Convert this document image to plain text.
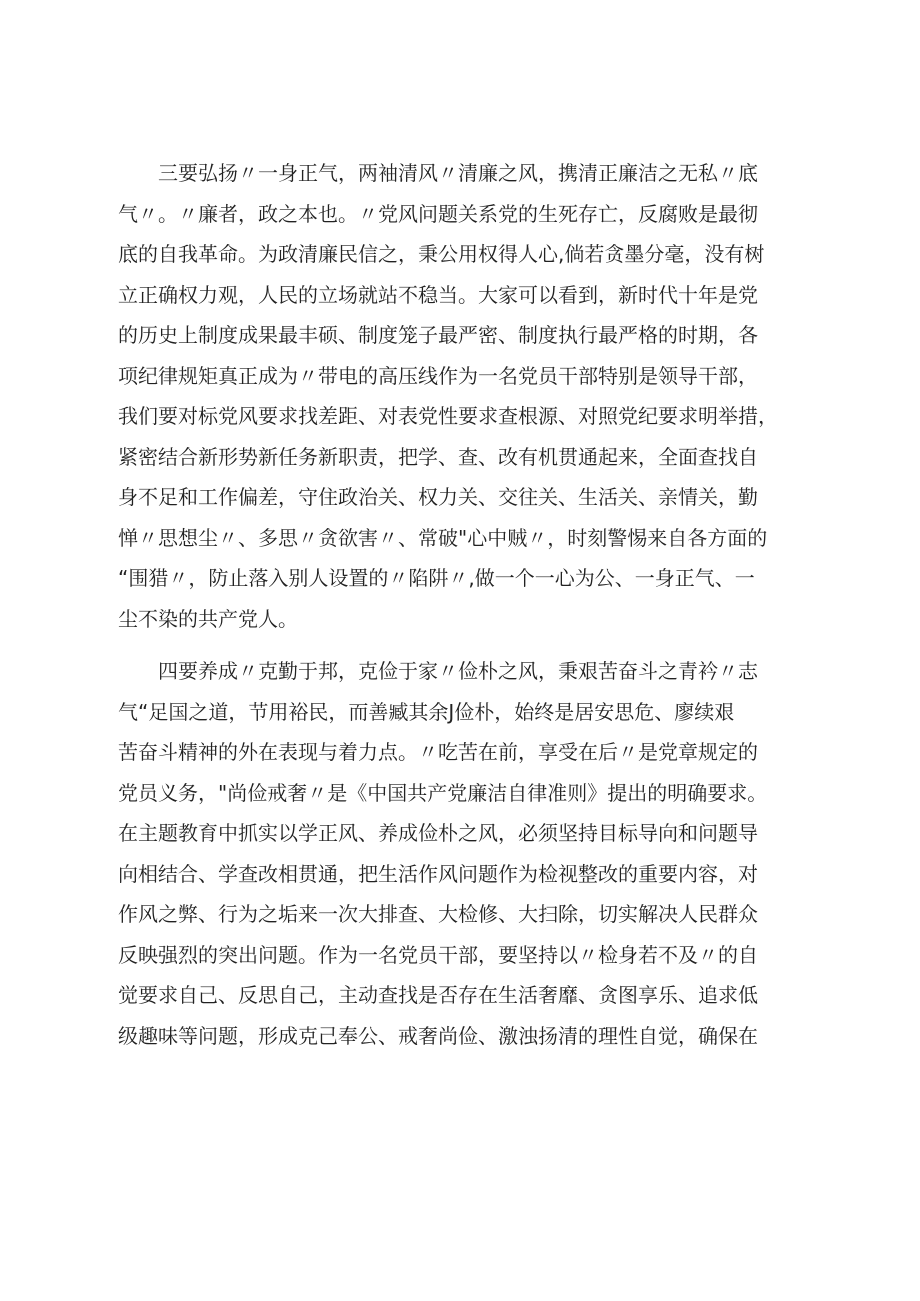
　　三要弘扬〃一身正气，两袖清风〃清廉之风，携清正廉洁之无私〃底
气〃。〃廉者，政之本也。〃党风问题关系党的生死存亡，反腐败是最彻
底的自我革命。为政清廉民信之，秉公用权得人心,倘若贪墨分毫，没有树
立正确权力观，人民的立场就站不稳当。大家可以看到，新时代十年是党
的历史上制度成果最丰硕、制度笼子最严密、制度执行最严格的时期，各
项纪律规矩真正成为〃带电的高压线作为一名党员干部特别是领导干部，
我们要对标党风要求找差距、对表党性要求查根源、对照党纪要求明举措，
紧密结合新形势新任务新职责，把学、查、改有机贯通起来，全面查找自
身不足和工作偏差，守住政治关、权力关、交往关、生活关、亲情关，勤
惮〃思想尘〃、多思〃贪欲害〃、常破"心中贼〃，时刻警惕来自各方面的
“围猎〃，防止落入别人设置的〃陷阱〃,做一个一心为公、一身正气、一
尘不染的共产党人。
　　四要养成〃克勤于邦，克俭于家〃俭朴之风，秉艰苦奋斗之青衿〃志
气“足国之道，节用裕民，而善臧其余J俭朴，始终是居安思危、廖续艰
苦奋斗精神的外在表现与着力点。〃吃苦在前，享受在后〃是党章规定的
党员义务，"尚俭戒奢〃是《中国共产党廉洁自律准则》提出的明确要求。
在主题教育中抓实以学正风、养成俭朴之风，必须坚持目标导向和问题导
向相结合、学查改相贯通，把生活作风问题作为检视整改的重要内容，对
作风之弊、行为之垢来一次大排查、大检修、大扫除，切实解决人民群众
反映强烈的突出问题。作为一名党员干部，要坚持以〃检身若不及〃的自
觉要求自己、反思自己，主动查找是否存在生活奢靡、贪图享乐、追求低
级趣味等问题，形成克己奉公、戒奢尚俭、激浊扬清的理性自觉，确保在
